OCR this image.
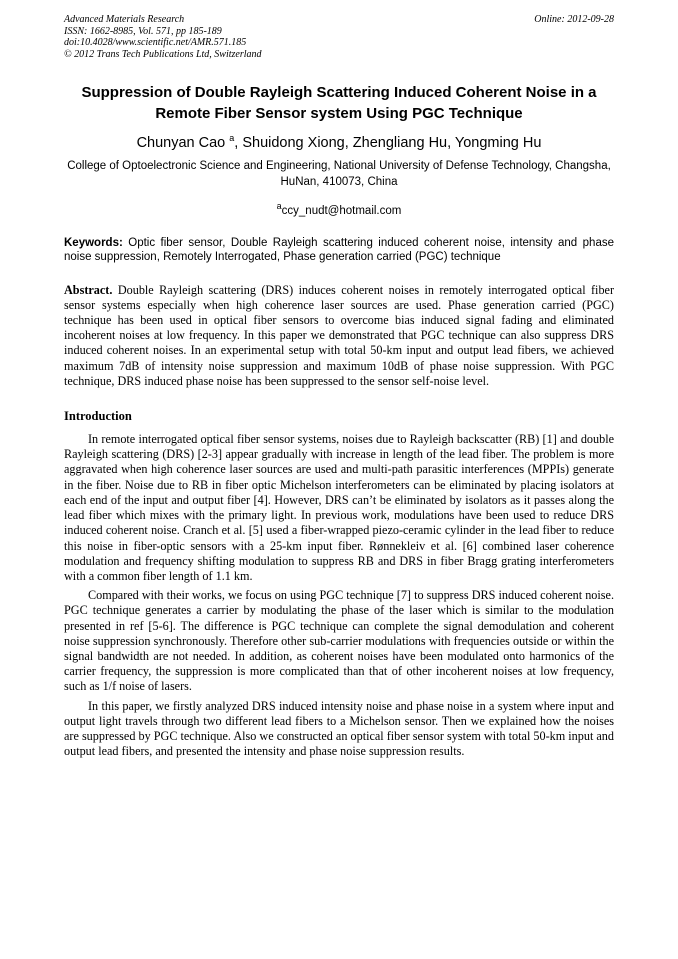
Advanced Materials Research
ISSN: 1662-8985, Vol. 571, pp 185-189
doi:10.4028/www.scientific.net/AMR.571.185
© 2012 Trans Tech Publications Ltd, Switzerland
Online: 2012-09-28
Suppression of Double Rayleigh Scattering Induced Coherent Noise in a Remote Fiber Sensor system Using PGC Technique
Chunyan Cao $^a$, Shuidong Xiong, Zhengliang Hu, Yongming Hu
College of Optoelectronic Science and Engineering, National University of Defense Technology, Changsha, HuNan, 410073, China
$^a$ccy_nudt@hotmail.com
Keywords: Optic fiber sensor, Double Rayleigh scattering induced coherent noise, intensity and phase noise suppression, Remotely Interrogated, Phase generation carried (PGC) technique
Abstract. Double Rayleigh scattering (DRS) induces coherent noises in remotely interrogated optical fiber sensor systems especially when high coherence laser sources are used. Phase generation carried (PGC) technique has been used in optical fiber sensors to overcome bias induced signal fading and eliminated incoherent noises at low frequency. In this paper we demonstrated that PGC technique can also suppress DRS induced coherent noises. In an experimental setup with total 50-km input and output lead fibers, we achieved maximum 7dB of intensity noise suppression and maximum 10dB of phase noise suppression. With PGC technique, DRS induced phase noise has been suppressed to the sensor self-noise level.
Introduction

In remote interrogated optical fiber sensor systems, noises due to Rayleigh backscatter (RB) [1] and double Rayleigh scattering (DRS) [2-3] appear gradually with increase in length of the lead fiber. The problem is more aggravated when high coherence laser sources are used and multi-path parasitic interferences (MPPIs) generate in the fiber. Noise due to RB in fiber optic Michelson interferometers can be eliminated by placing isolators at each end of the input and output fiber [4]. However, DRS can’t be eliminated by isolators as it passes along the lead fiber which mixes with the primary light. In previous work, modulations have been used to reduce DRS induced coherent noise. Cranch et al. [5] used a fiber-wrapped piezo-ceramic cylinder in the lead fiber to reduce this noise in fiber-optic sensors with a 25-km input fiber. Rønnekleiv et al. [6] combined laser coherence modulation and frequency shifting modulation to suppress RB and DRS in fiber Bragg grating interferometers with a common fiber length of 1.1 km.

Compared with their works, we focus on using PGC technique [7] to suppress DRS induced coherent noise. PGC technique generates a carrier by modulating the phase of the laser which is similar to the modulation presented in ref [5-6]. The difference is PGC technique can complete the signal demodulation and coherent noise suppression synchronously. Therefore other sub-carrier modulations with frequencies outside or within the signal bandwidth are not needed. In addition, as coherent noises have been modulated onto harmonics of the carrier frequency, the suppression is more complicated than that of other incoherent noises at low frequency, such as 1/f noise of lasers.

In this paper, we firstly analyzed DRS induced intensity noise and phase noise in a system where input and output light travels through two different lead fibers to a Michelson sensor. Then we explained how the noises are suppressed by PGC technique. Also we constructed an optical fiber sensor system with total 50-km input and output lead fibers, and presented the intensity and phase noise suppression results.
